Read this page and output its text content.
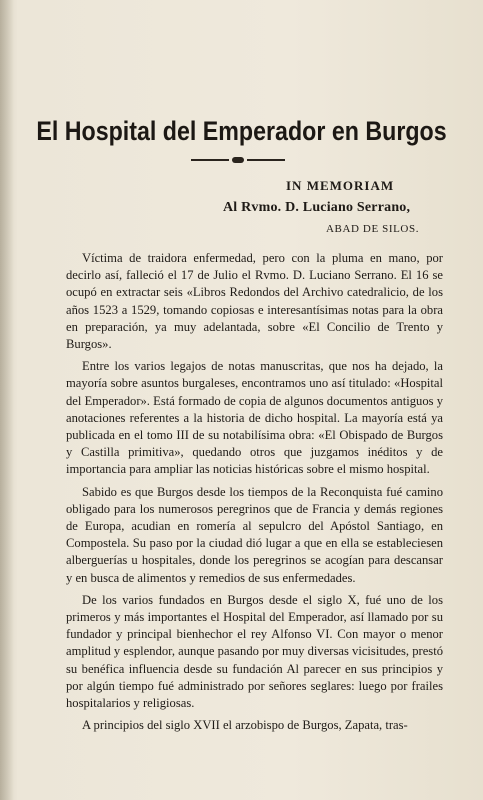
El Hospital del Emperador en Burgos
IN MEMORIAM
Al Rvmo. D. Luciano Serrano,
ABAD DE SILOS.

Víctima de traidora enfermedad, pero con la pluma en mano, por decirlo así, falleció el 17 de Julio el Rvmo. D. Luciano Serrano. El 16 se ocupó en extractar seis «Libros Redondos del Archivo catedralicio, de los años 1523 a 1529, tomando copiosas e interesantísimas notas para la obra en preparación, ya muy adelantada, sobre «El Concilio de Trento y Burgos».

Entre los varios legajos de notas manuscritas, que nos ha dejado, la mayoría sobre asuntos burgaleses, encontramos uno así titulado: «Hospital del Emperador». Está formado de copia de algunos documentos antiguos y anotaciones referentes a la historia de dicho hospital. La mayoría está ya publicada en el tomo III de su notabilísima obra: «El Obispado de Burgos y Castilla primitiva», quedando otros que juzgamos inéditos y de importancia para ampliar las noticias históricas sobre el mismo hospital.

Sabido es que Burgos desde los tiempos de la Reconquista fué camino obligado para los numerosos peregrinos que de Francia y demás regiones de Europa, acudian en romería al sepulcro del Apóstol Santiago, en Compostela. Su paso por la ciudad dió lugar a que en ella se estableciesen alberguerías u hospitales, donde los peregrinos se acogían para descansar y en busca de alimentos y remedios de sus enfermedades.

De los varios fundados en Burgos desde el siglo X, fué uno de los primeros y más importantes el Hospital del Emperador, así llamado por su fundador y principal bienhechor el rey Alfonso VI. Con mayor o menor amplitud y esplendor, aunque pasando por muy diversas vicisitudes, prestó su benéfica influencia desde su fundación Al parecer en sus principios y por algún tiempo fué administrado por señores seglares: luego por frailes hospitalarios y religiosas.

A principios del siglo XVII el arzobispo de Burgos, Zapata, tras-
